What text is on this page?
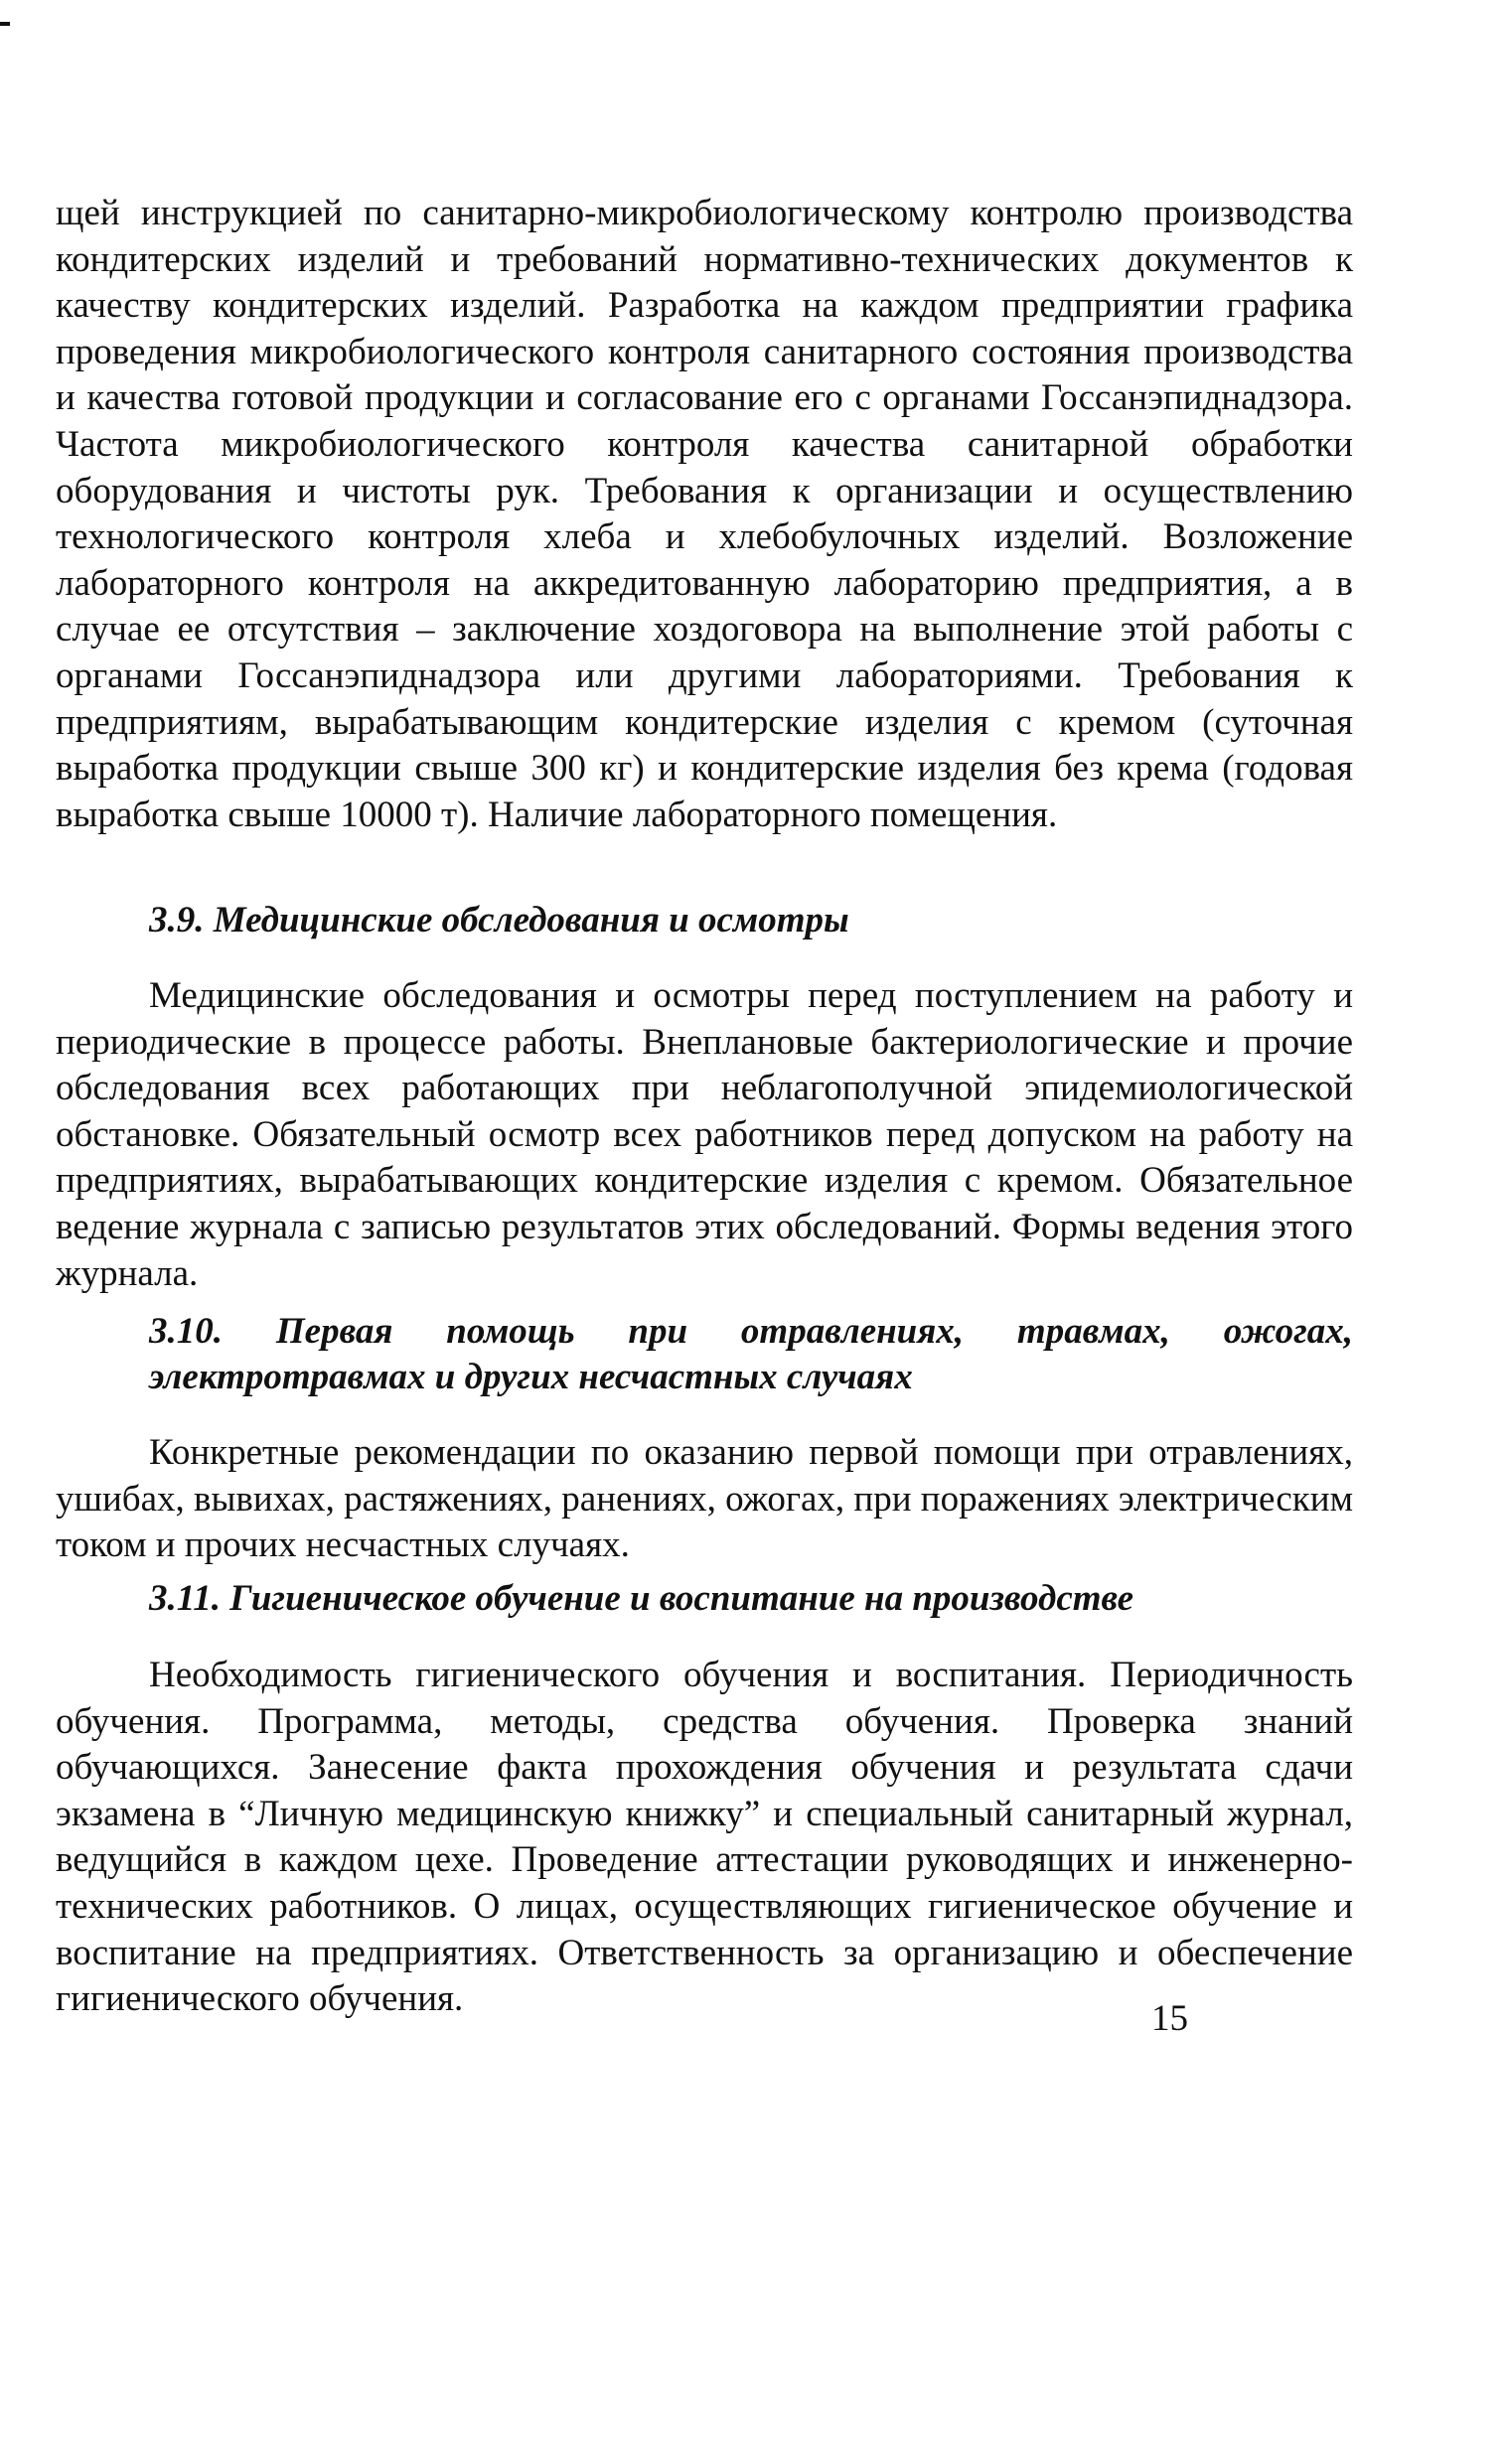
щей инструкцией по санитарно-микробиологическому контролю производства кондитерских изделий и требований нормативно-технических документов к качеству кондитерских изделий. Разработка на каждом предприятии графика проведения микробиологического контроля санитарного состояния производства и качества готовой продукции и согласование его с органами Госсанэпиднадзора. Частота микробиологического контроля качества санитарной обработки оборудования и чистоты рук. Требования к организации и осуществлению технологического контроля хлеба и хлебобулочных изделий. Возложение лабораторного контроля на аккредитованную лабораторию предприятия, а в случае ее отсутствия – заключение хоздоговора на выполнение этой работы с органами Госсанэпиднадзора или другими лабораториями. Требования к предприятиям, вырабатывающим кондитерские изделия с кремом (суточная выработка продукции свыше 300 кг) и кондитерские изделия без крема (годовая выработка свыше 10000 т). Наличие лабораторного помещения.

3.9. Медицинские обследования и осмотры

Медицинские обследования и осмотры перед поступлением на работу и периодические в процессе работы. Внеплановые бактериологические и прочие обследования всех работающих при неблагополучной эпидемиологической обстановке. Обязательный осмотр всех работников перед допуском на работу на предприятиях, вырабатывающих кондитерские изделия с кремом. Обязательное ведение журнала с записью результатов этих обследований. Формы ведения этого журнала.

3.10. Первая помощь при отравлениях, травмах, ожогах, электротравмах и других несчастных случаях

Конкретные рекомендации по оказанию первой помощи при отравлениях, ушибах, вывихах, растяжениях, ранениях, ожогах, при поражениях электрическим током и прочих несчастных случаях.

3.11. Гигиеническое обучение и воспитание на производстве

Необходимость гигиенического обучения и воспитания. Периодичность обучения. Программа, методы, средства обучения. Проверка знаний обучающихся. Занесение факта прохождения обучения и результата сдачи экзамена в “Личную медицинскую книжку” и специальный санитарный журнал, ведущийся в каждом цехе. Проведение аттестации руководящих и инженерно-технических работников. О лицах, осуществляющих гигиеническое обучение и воспитание на предприятиях. Ответственность за организацию и обеспечение гигиенического обучения.	15
